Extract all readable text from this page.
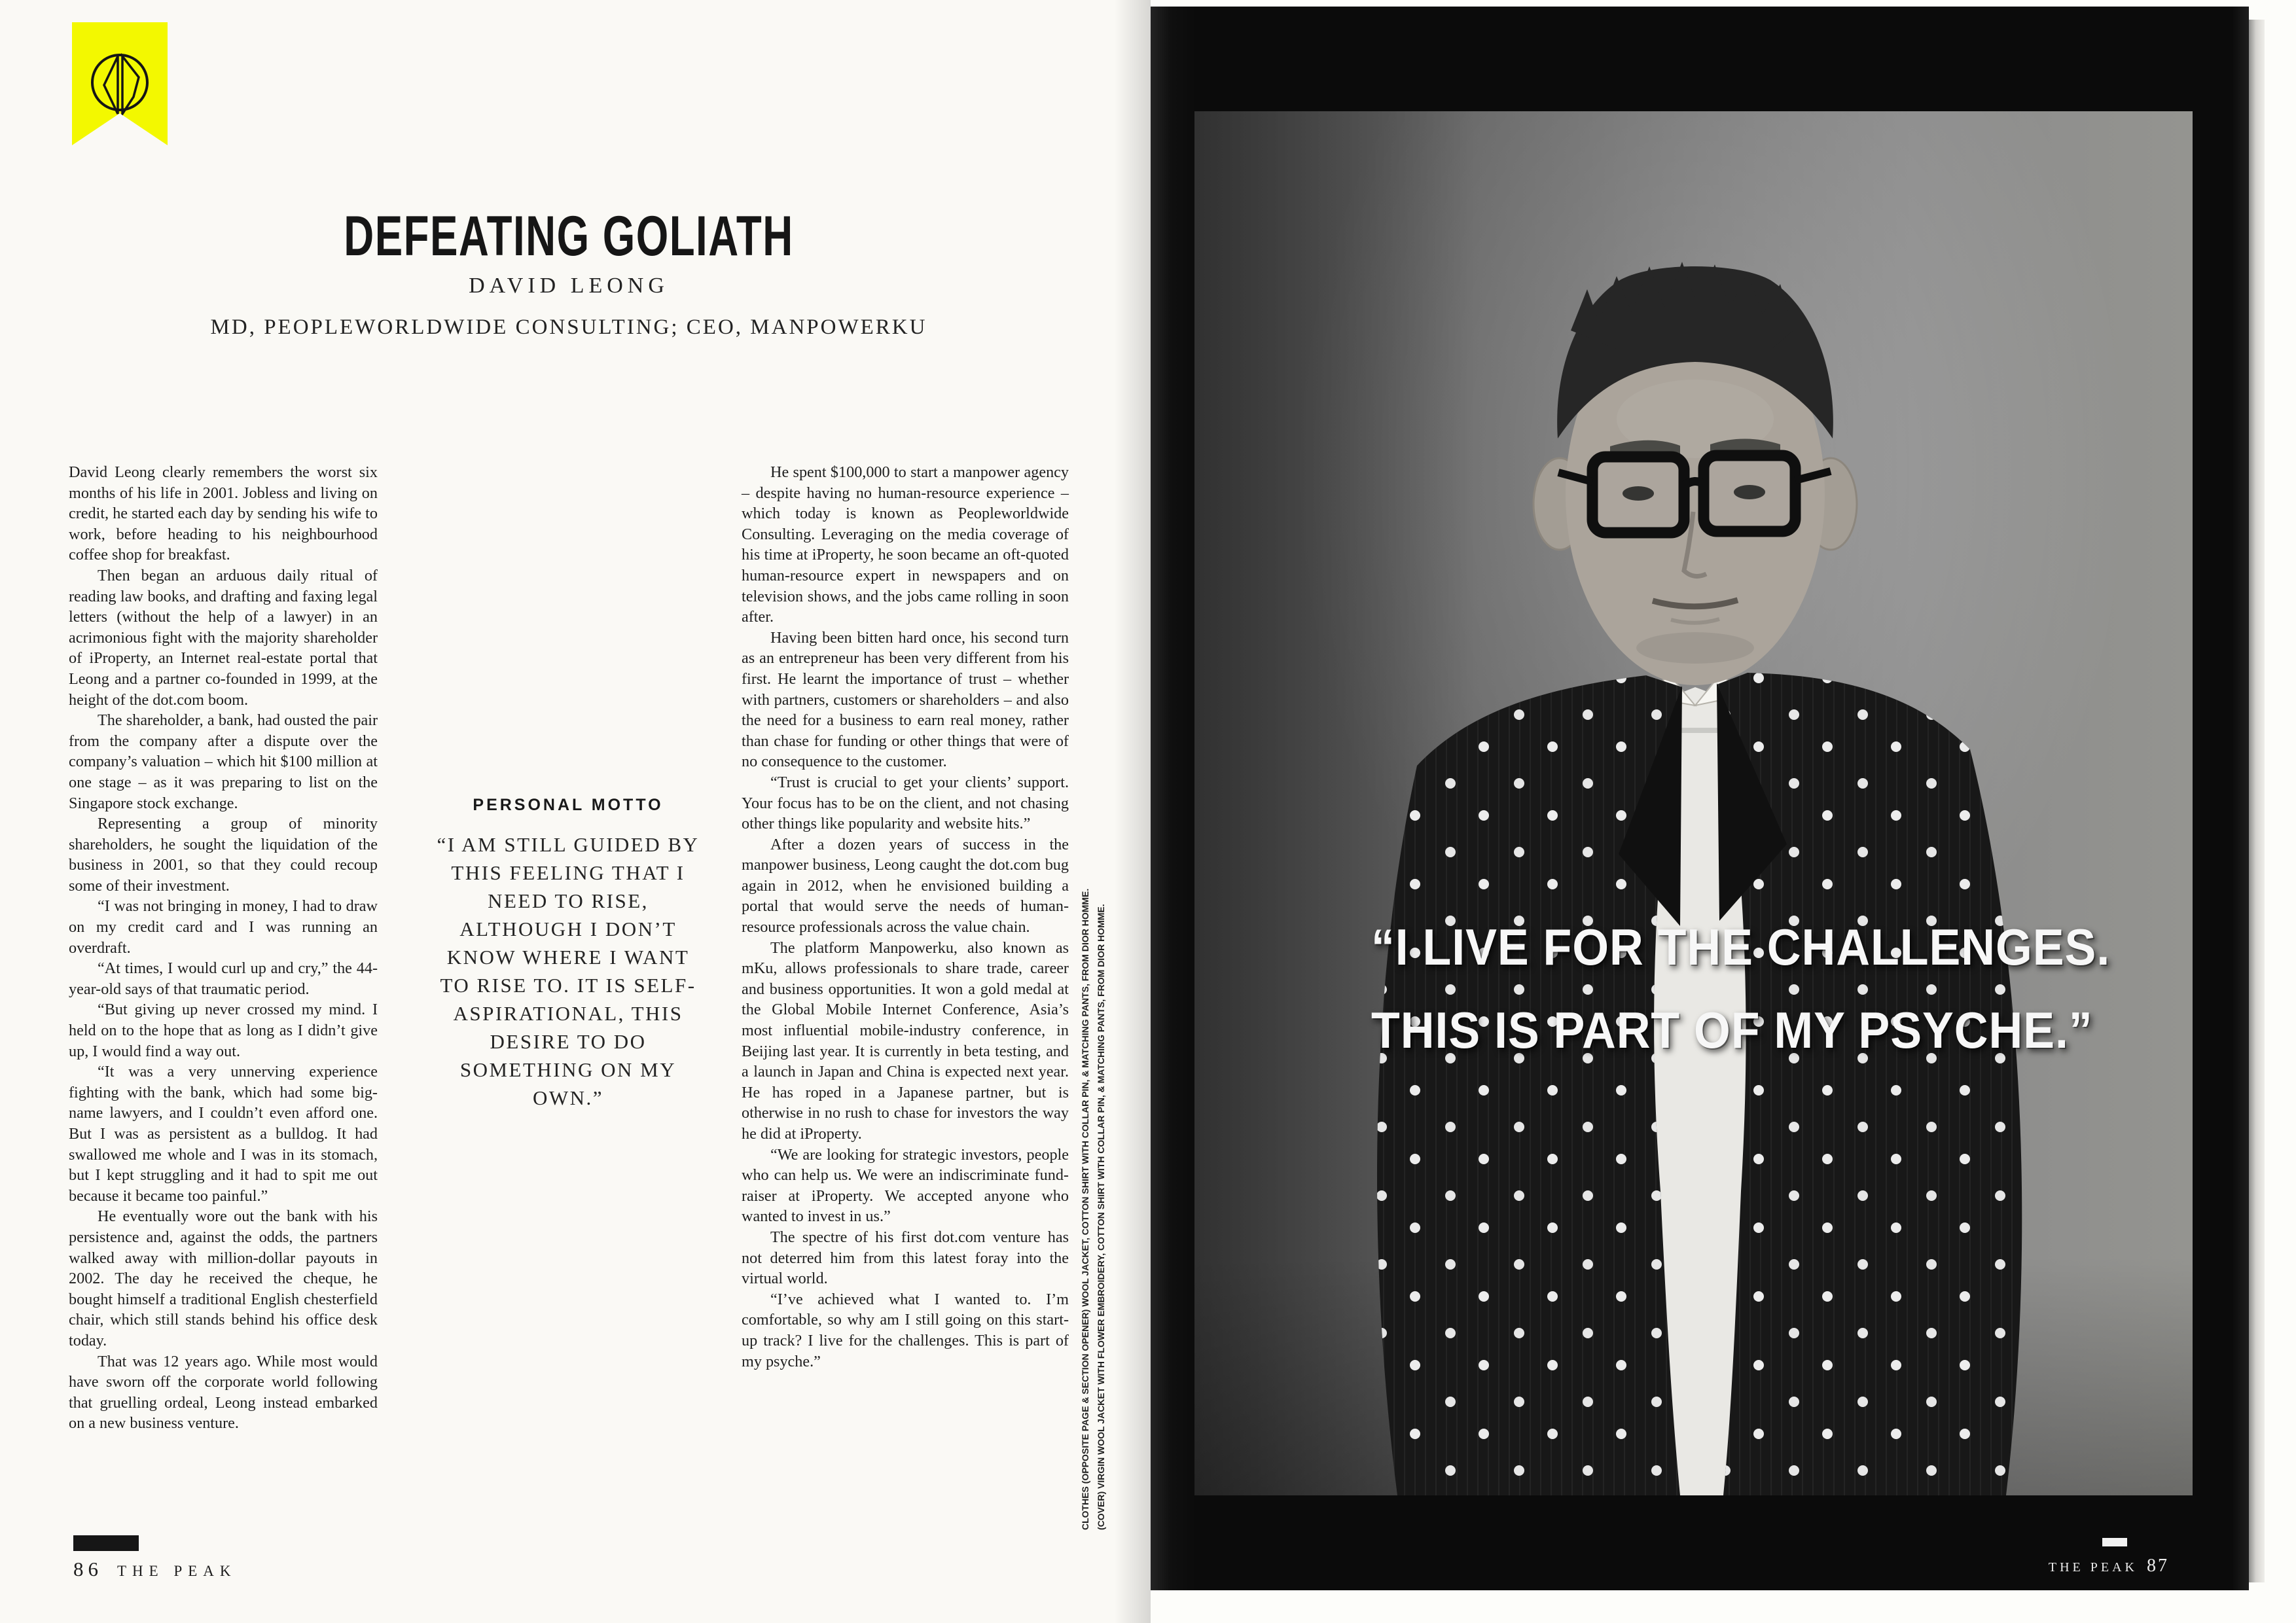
DEFEATING GOLIATH
DAVID LEONG
MD, PEOPLEWORLDWIDE CONSULTING; CEO, MANPOWERKU

David Leong clearly remembers the worst six months of his life in 2001. Jobless and living on credit, he started each day by sending his wife to work, before heading to his neighbourhood coffee shop for breakfast.

Then began an arduous daily ritual of reading law books, and drafting and faxing legal letters (without the help of a lawyer) in an acrimonious fight with the majority shareholder of iProperty, an Internet real-estate portal that Leong and a partner co-founded in 1999, at the height of the dot.com boom.

The shareholder, a bank, had ousted the pair from the company after a dispute over the company’s valuation – which hit $100 million at one stage – as it was preparing to list on the Singapore stock exchange.

Representing a group of minority shareholders, he sought the liquidation of the business in 2001, so that they could recoup some of their investment.

“I was not bringing in money, I had to draw on my credit card and I was running an overdraft.

“At times, I would curl up and cry,” the 44-year-old says of that traumatic period.

“But giving up never crossed my mind. I held on to the hope that as long as I didn’t give up, I would find a way out.

“It was a very unnerving experience fighting with the bank, which had some big-name lawyers, and I couldn’t even afford one. But I was as persistent as a bulldog. It had swallowed me whole and I was in its stomach, but I kept struggling and it had to spit me out because it became too painful.”

He eventually wore out the bank with his persistence and, against the odds, the partners walked away with million-dollar payouts in 2002. The day he received the cheque, he bought himself a traditional English chesterfield chair, which still stands behind his office desk today.

That was 12 years ago. While most would have sworn off the corporate world following that gruelling ordeal, Leong instead embarked on a new business venture.

PERSONAL MOTTO
“I AM STILL GUIDED BY THIS FEELING THAT I NEED TO RISE, ALTHOUGH I DON’T KNOW WHERE I WANT TO RISE TO. IT IS SELF-ASPIRATIONAL, THIS DESIRE TO DO SOMETHING ON MY OWN.”

He spent $100,000 to start a manpower agency – despite having no human-resource experience – which today is known as Peopleworldwide Consulting. Leveraging on the media coverage of his time at iProperty, he soon became an oft-quoted human-resource expert in newspapers and on television shows, and the jobs came rolling in soon after.

Having been bitten hard once, his second turn as an entrepreneur has been very different from his first. He learnt the importance of trust – whether with partners, customers or shareholders – and also the need for a business to earn real money, rather than chase for funding or other things that were of no consequence to the customer.

“Trust is crucial to get your clients’ support. Your focus has to be on the client, and not chasing other things like popularity and website hits.”

After a dozen years of success in the manpower business, Leong caught the dot.com bug again in 2012, when he envisioned building a portal that would serve the needs of human-resource professionals across the value chain.

The platform Manpowerku, also known as mKu, allows professionals to share trade, career and business opportunities. It won a gold medal at the Global Mobile Internet Conference, Asia’s most influential mobile-industry conference, in Beijing last year. It is currently in beta testing, and a launch in Japan and China is expected next year. He has roped in a Japanese partner, but is otherwise in no rush to chase for investors the way he did at iProperty.

“We are looking for strategic investors, people who can help us. We were an indiscriminate fund-raiser at iProperty. We accepted anyone who wanted to invest in us.”

The spectre of his first dot.com venture has not deterred him from this latest foray into the virtual world.

“I’ve achieved what I wanted to. I’m comfortable, so why am I still going on this start-up track? I live for the challenges. This is part of my psyche.”	CLOTHES (OPPOSITE PAGE & SECTION OPENER) WOOL JACKET, COTTON SHIRT WITH COLLAR PIN, & MATCHING PANTS, FROM DIOR HOMME. (COVER) VIRGIN WOOL JACKET WITH FLOWER EMBROIDERY, COTTON SHIRT WITH COLLAR PIN, & MATCHING PANTS, FROM DIOR HOMME.
86 THE PEAK
“I LIVE FOR THE CHALLENGES.
THIS IS PART OF MY PSYCHE.”
THE PEAK 87
